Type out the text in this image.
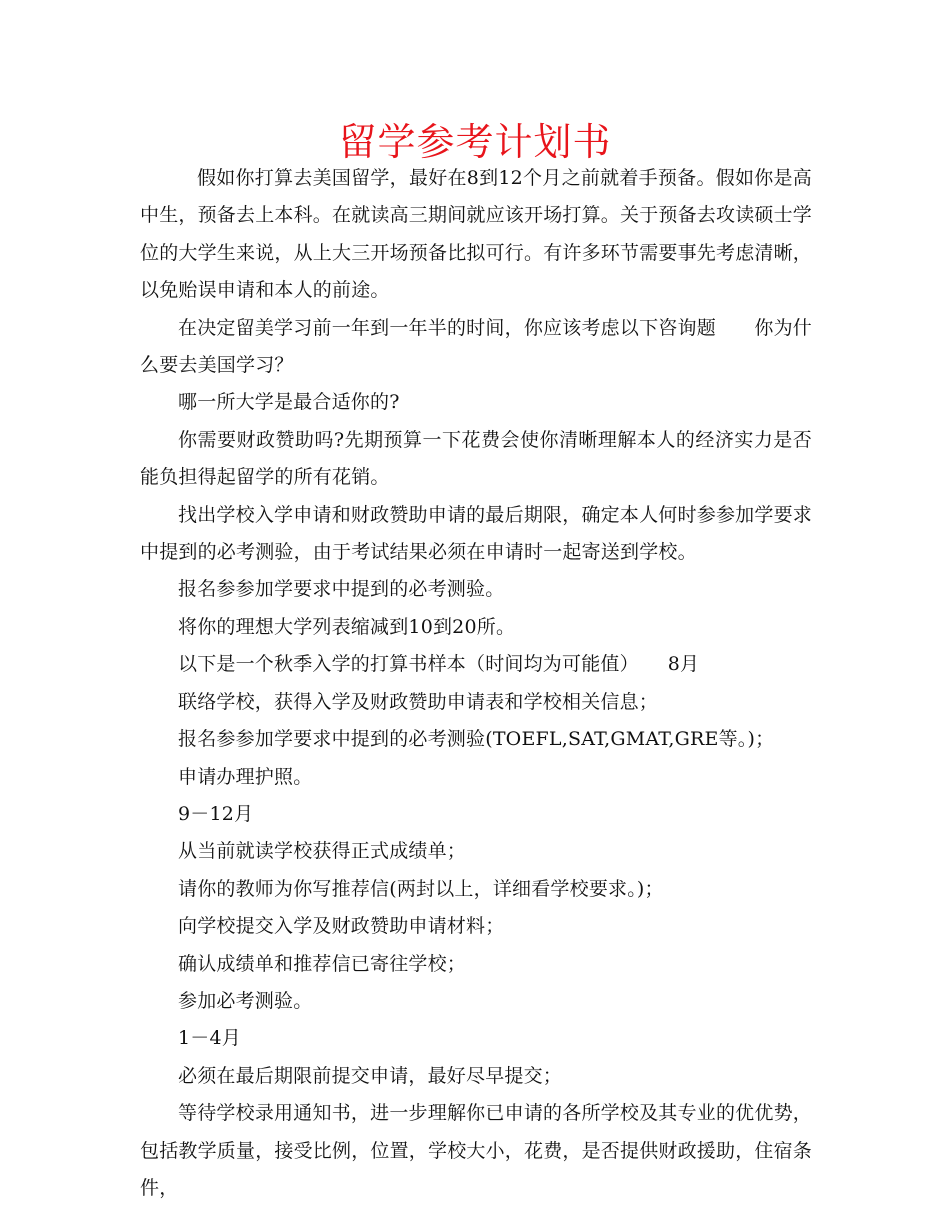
留学参考计划书

假如你打算去美国留学，最好在8到12个月之前就着手预备。假如你是高中生，预备去上本科。在就读高三期间就应该开场打算。关于预备去攻读硕士学位的大学生来说，从上大三开场预备比拟可行。有许多环节需要事先考虑清晰，以免贻误申请和本人的前途。

在决定留美学习前一年到一年半的时间，你应该考虑以下咨询题　　你为什么要去美国学习？

哪一所大学是最合适你的?

你需要财政赞助吗?先期预算一下花费会使你清晰理解本人的经济实力是否能负担得起留学的所有花销。

找出学校入学申请和财政赞助申请的最后期限，确定本人何时参参加学要求中提到的必考测验，由于考试结果必须在申请时一起寄送到学校。

报名参参加学要求中提到的必考测验。

将你的理想大学列表缩减到10到20所。

以下是一个秋季入学的打算书样本（时间均为可能值）　　8月

联络学校，获得入学及财政赞助申请表和学校相关信息；

报名参参加学要求中提到的必考测验(TOEFL,SAT,GMAT,GRE等。)；

申请办理护照。

9－12月

从当前就读学校获得正式成绩单；

请你的教师为你写推荐信(两封以上，详细看学校要求。)；

向学校提交入学及财政赞助申请材料；

确认成绩单和推荐信已寄往学校；

参加必考测验。

1－4月

必须在最后期限前提交申请，最好尽早提交；

等待学校录用通知书，进一步理解你已申请的各所学校及其专业的优优势，包括教学质量，接受比例，位置，学校大小，花费，是否提供财政援助，住宿条件，
